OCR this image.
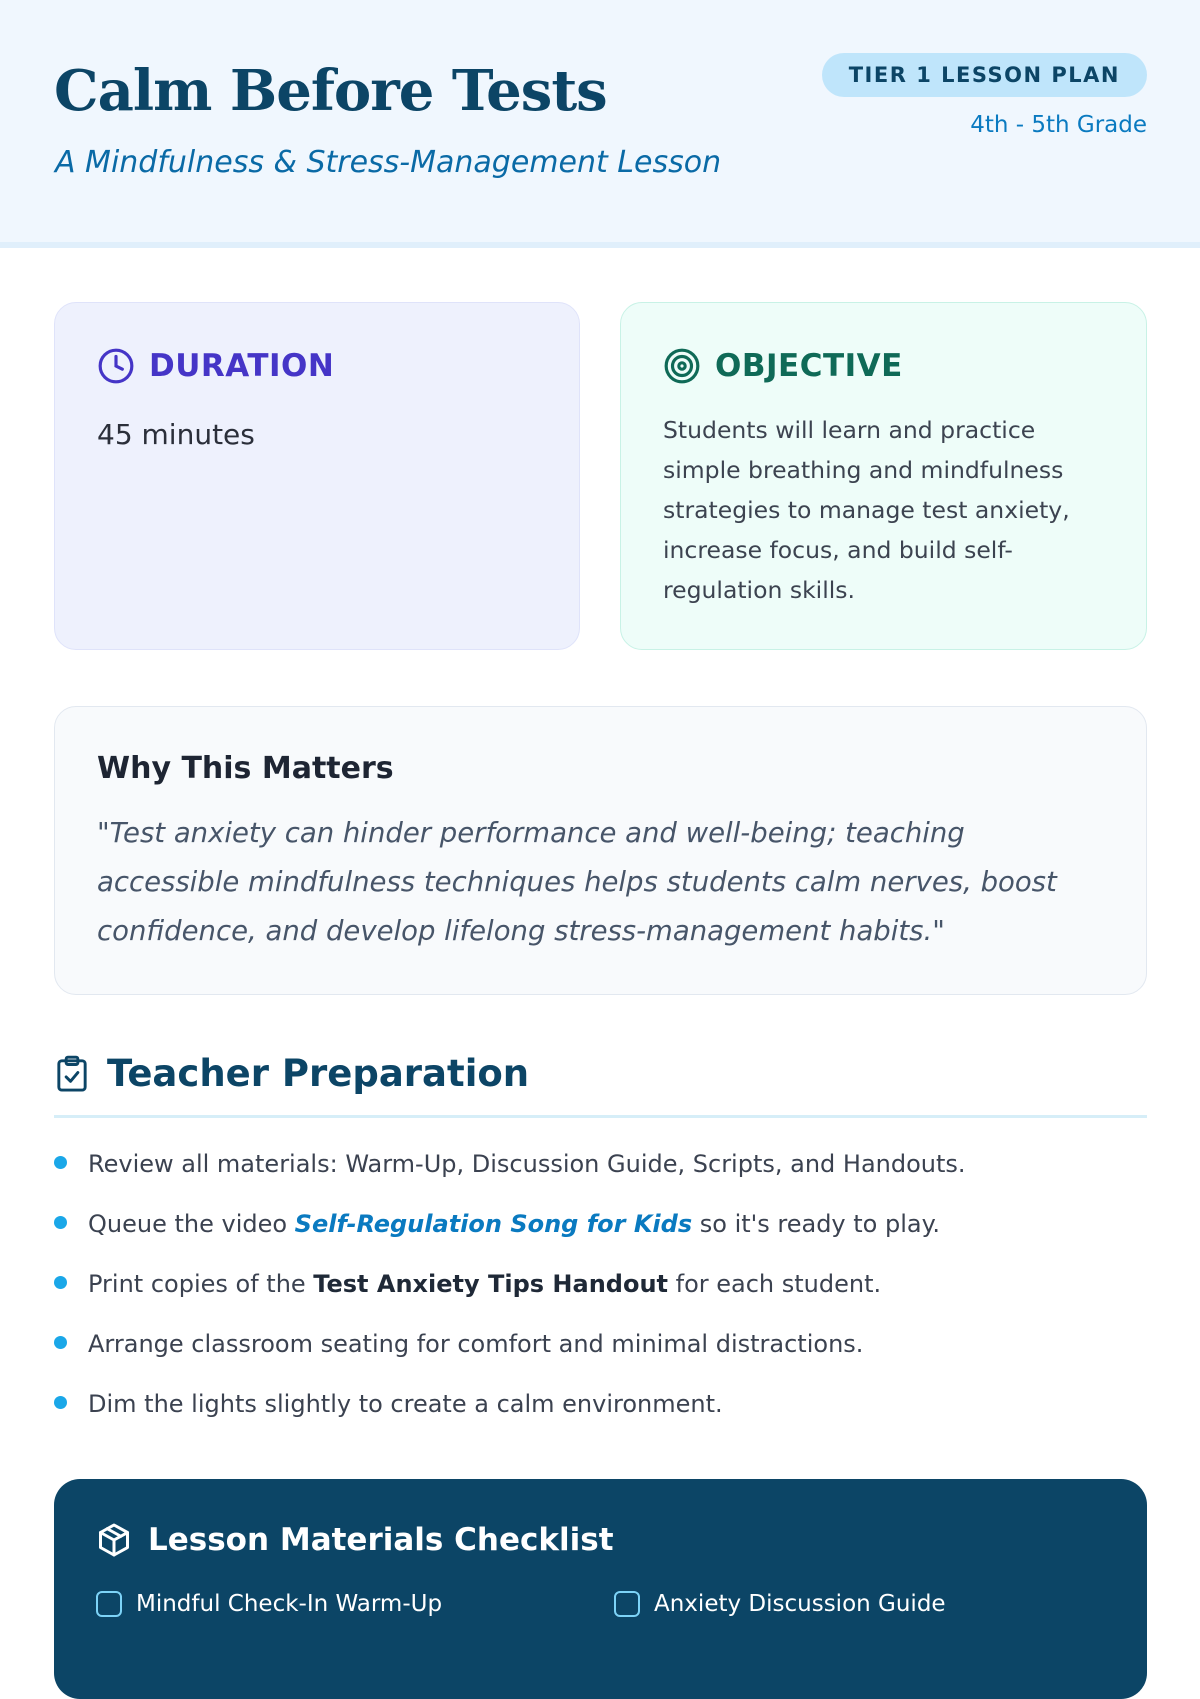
Calm Before Tests
A Mindfulness & Stress-Management Lesson
TIER 1 LESSON PLAN
4th - 5th Grade
DURATION
45 minutes
OBJECTIVE
Students will learn and practice simple breathing and mindfulness strategies to manage test anxiety, increase focus, and build self-regulation skills.
Why This Matters
"Test anxiety can hinder performance and well-being; teaching accessible mindfulness techniques helps students calm nerves, boost confidence, and develop lifelong stress-management habits."
Teacher Preparation
Review all materials: Warm-Up, Discussion Guide, Scripts, and Handouts.
Queue the video Self-Regulation Song for Kids so it's ready to play.
Print copies of the Test Anxiety Tips Handout for each student.
Arrange classroom seating for comfort and minimal distractions.
Dim the lights slightly to create a calm environment.
Lesson Materials Checklist
Mindful Check-In Warm-Up	Anxiety Discussion Guide
